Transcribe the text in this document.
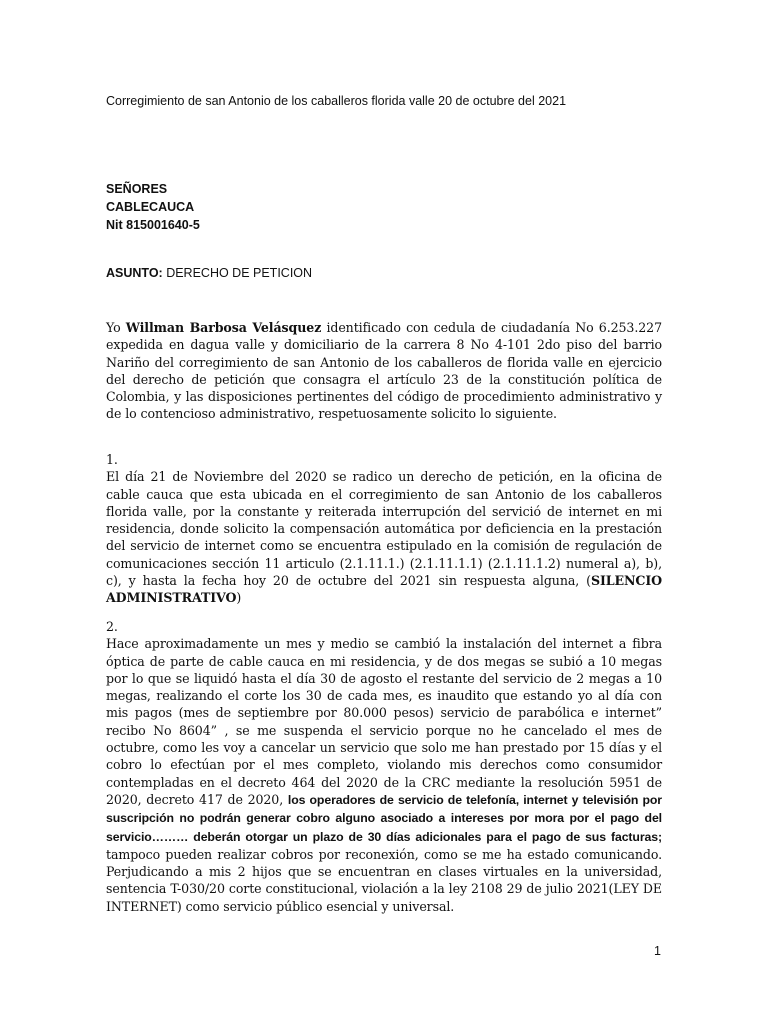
Corregimiento de san Antonio de los caballeros florida valle 20 de octubre del 2021
SEÑORES
CABLECAUCA
Nit 815001640-5
ASUNTO: DERECHO DE PETICION
Yo Willman Barbosa Velásquez identificado con cedula de ciudadanía No 6.253.227 expedida en dagua valle y domiciliario de la carrera 8 No 4-101 2do piso del barrio Nariño del corregimiento de san Antonio de los caballeros de florida valle en ejercicio del derecho de petición que consagra el artículo 23 de la constitución política de Colombia, y las disposiciones pertinentes del código de procedimiento administrativo y de lo contencioso administrativo, respetuosamente solicito lo siguiente.
1.
El día 21 de Noviembre del 2020 se radico un derecho de petición, en la oficina de cable cauca que esta ubicada en el corregimiento de san Antonio de los caballeros florida valle, por la constante y reiterada interrupción del servició de internet en mi residencia, donde solicito la compensación automática por deficiencia en la prestación del servicio de internet como se encuentra estipulado en la comisión de regulación de comunicaciones sección 11 articulo (2.1.11.1.) (2.1.11.1.1) (2.1.11.1.2) numeral a), b), c), y hasta la fecha hoy 20 de octubre del 2021 sin respuesta alguna, (SILENCIO ADMINISTRATIVO)
2.
Hace aproximadamente un mes y medio se cambió la instalación del internet a fibra óptica de parte de cable cauca en mi residencia, y de dos megas se subió a 10 megas por lo que se liquidó hasta el día 30 de agosto el restante del servicio de 2 megas a 10 megas, realizando el corte los 30 de cada mes, es inaudito que estando yo al día con mis pagos (mes de septiembre por 80.000 pesos) servicio de parabólica e internet” recibo No 8604” , se me suspenda el servicio porque no he cancelado el mes de octubre, como les voy a cancelar un servicio que solo me han prestado por 15 días y el cobro lo efectúan por el mes completo, violando mis derechos como consumidor contempladas en el decreto 464 del 2020 de la CRC mediante la resolución 5951 de 2020, decreto 417 de 2020, los operadores de servicio de telefonía, internet y televisión por suscripción no podrán generar cobro alguno asociado a intereses por mora por el pago del servicio……… deberán otorgar un plazo de 30 días adicionales para el pago de sus facturas; tampoco pueden realizar cobros por reconexión, como se me ha estado comunicando. Perjudicando a mis 2 hijos que se encuentran en clases virtuales en la universidad, sentencia T-030/20 corte constitucional, violación a la ley 2108 29 de julio 2021(LEY DE INTERNET) como servicio público esencial y universal.
1
